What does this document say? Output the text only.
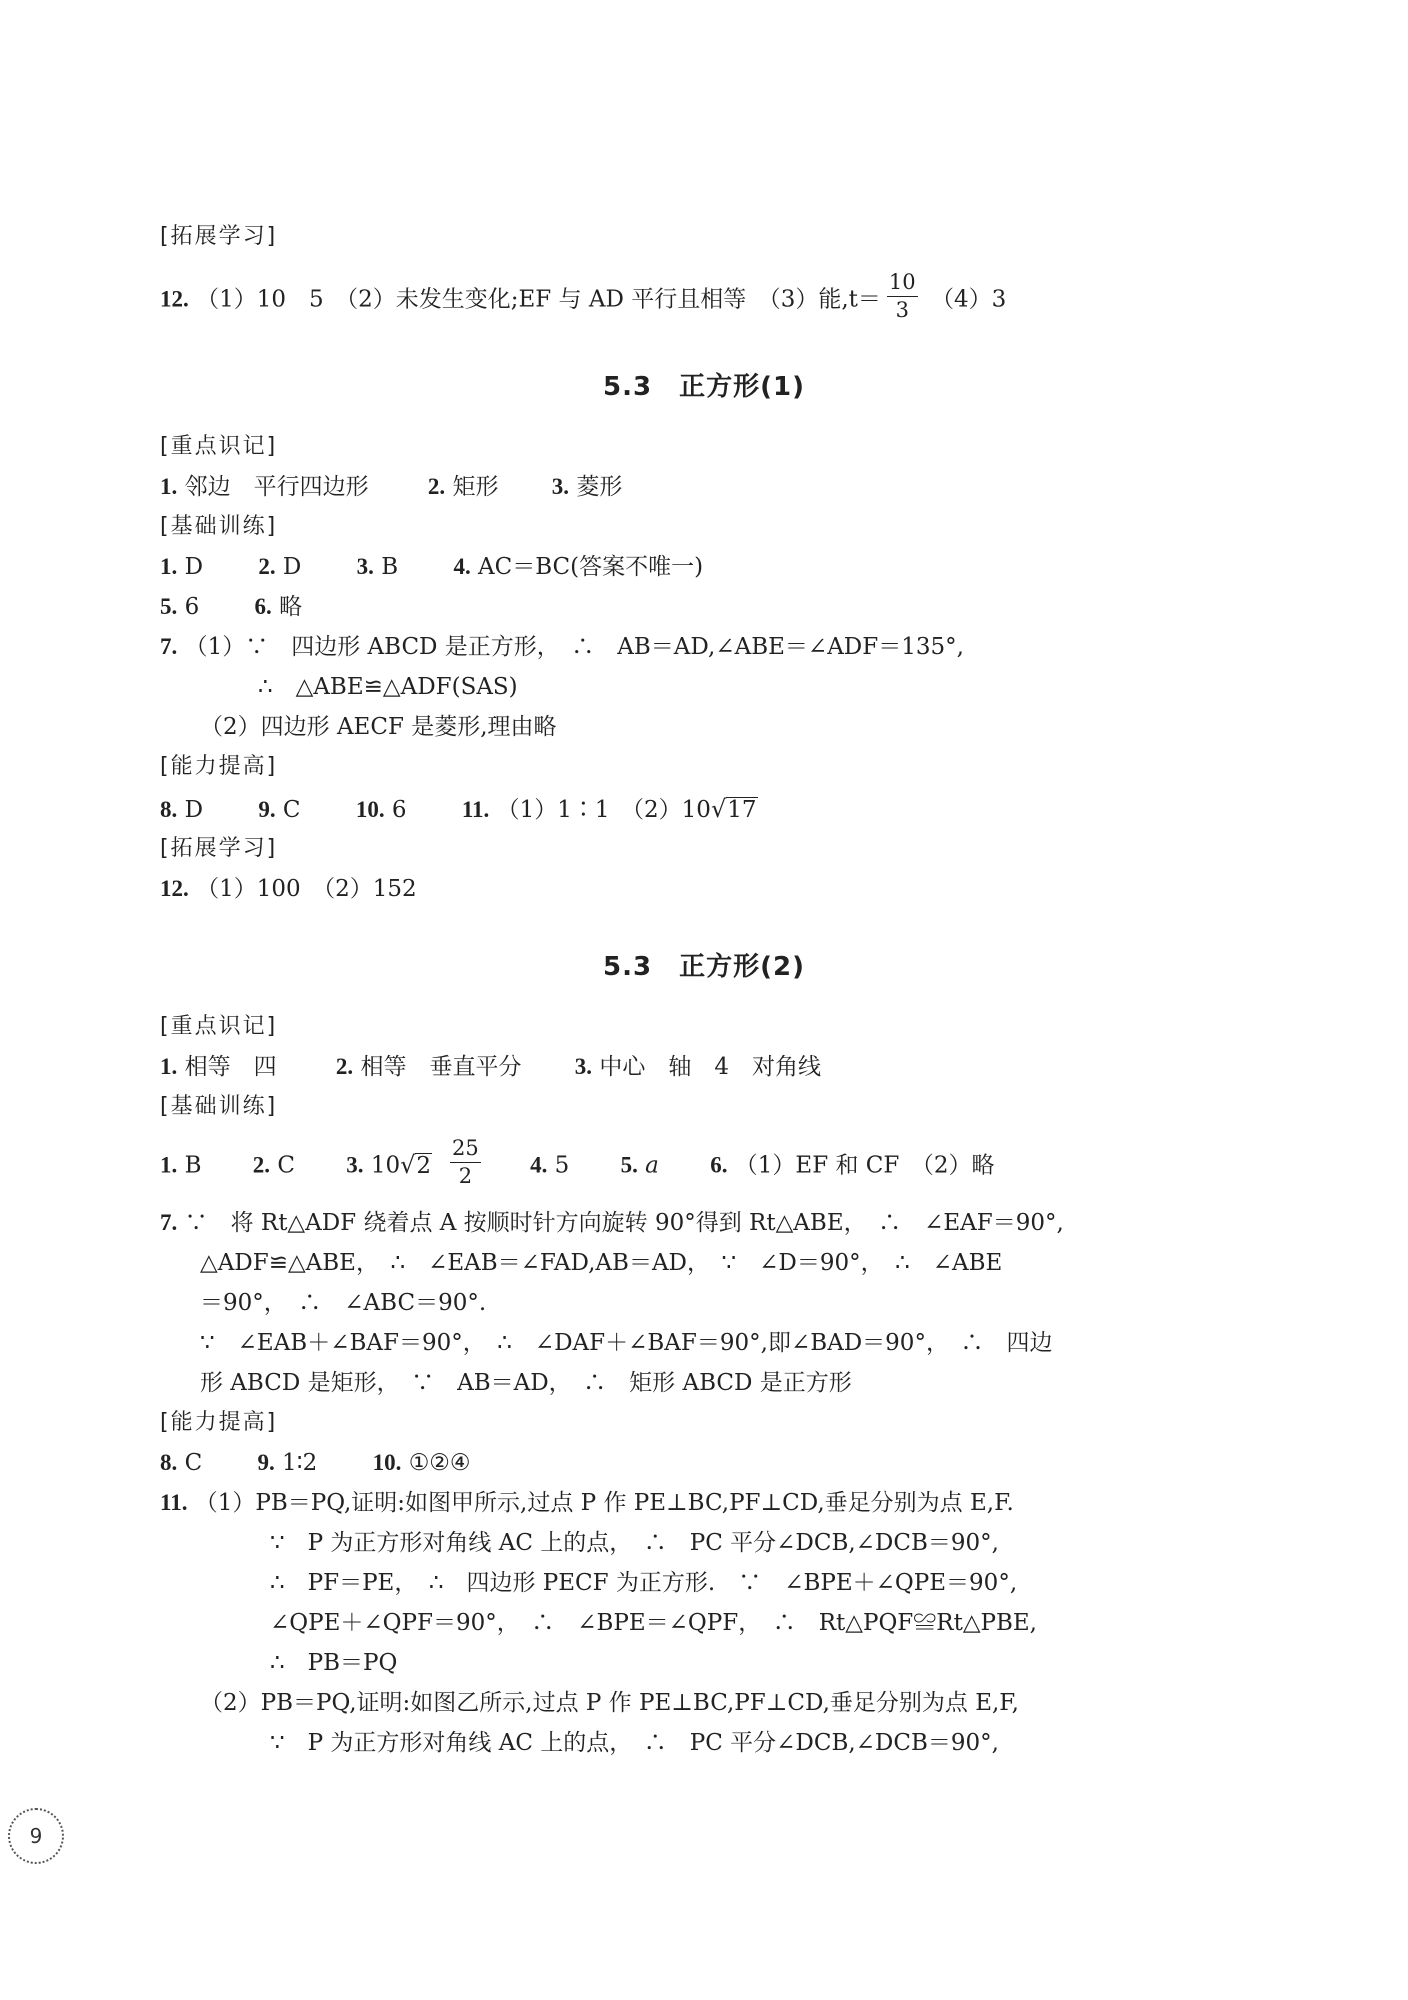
[拓展学习]
12. （1）10　5　（2）未发生变化;EF 与 AD 平行且相等　（3）能$,t= \frac{10}{3} (4)3$
5.3　正方形(1)
[重点识记]
1. 邻边　平行四边形	2. 矩形 3. 菱形
[基础训练]
1. D 2. D 3. B 4. AC＝BC(答案不唯一)
5. 6 6. 略
7. （1）∵　四边形 ABCD 是正方形，　∴　AB＝AD,∠ABE＝∠ADF＝135°,
∴　△ABE≌△ADF(SAS)
（2）四边形 AECF 是菱形,理由略
[能力提高]
8. D 9. C 10. 6 11. （1）1∶1　（2）10√17
[拓展学习]
12. （1）100　（2）152
5.3　正方形(2)
[重点识记]
1. 相等　四	2. 相等　垂直平分 3. 中心　轴　4　对角线
[基础训练]
1. B 2. C 3. $10√2 \frac{25}{2} 4$. 5 5. a 6. （1）EF 和 CF　（2）略
7. ∵　将 Rt△ADF 绕着点 A 按顺时针方向旋转 90°得到 Rt△ABE，　∴　∠EAF＝90°,
△ADF≌△ABE，　∴　∠EAB＝∠FAD,AB＝AD，　∵　∠D＝90°，　∴　∠ABE
＝90°，　∴　∠ABC＝90°.
∵　∠EAB＋∠BAF＝90°，　∴　∠DAF＋∠BAF＝90°,即∠BAD＝90°，　∴　四边
形 ABCD 是矩形，　∵　AB＝AD，　∴　矩形 ABCD 是正方形
[能力提高]
8. C 9. 1∶2 10. ①②④
11. （1）PB＝PQ,证明:如图甲所示,过点 P 作 PE⊥BC,PF⊥CD,垂足分别为点 E,F.
∵　P 为正方形对角线 AC 上的点，　∴　PC 平分∠DCB,∠DCB＝90°,
∴　PF＝PE，　∴　四边形 PECF 为正方形.　∵　∠BPE＋∠QPE＝90°,
∠QPE＋∠QPF＝90°，　∴　∠BPE＝∠QPF，　∴　Rt△PQF≌Rt△PBE,
∴　PB＝PQ
（2）PB＝PQ,证明:如图乙所示,过点 P 作 PE⊥BC,PF⊥CD,垂足分别为点 E,F,
∵　P 为正方形对角线 AC 上的点，　∴　PC 平分∠DCB,∠DCB＝90°,
9
